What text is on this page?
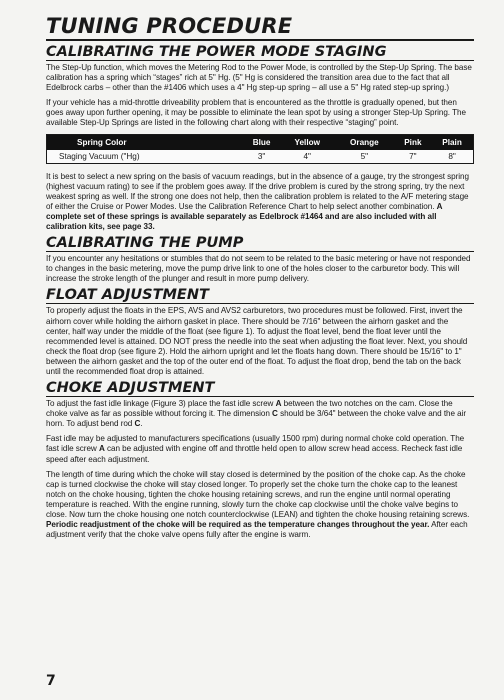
TUNING PROCEDURE
CALIBRATING THE POWER MODE STAGING

The Step-Up function, which moves the Metering Rod to the Power Mode, is controlled by the Step-Up Spring. The base calibration has a spring which “stages” rich at 5" Hg. (5" Hg is considered the transition area due to the fact that all Edelbrock carbs – other than the #1406 which uses a 4" Hg step-up spring – all use a 5" Hg rated step-up spring.)

If your vehicle has a mid-throttle driveability problem that is encountered as the throttle is gradually opened, but then goes away upon further opening, it may be possible to eliminate the lean spot by using a stronger Step-Up Spring. The available Step-Up Springs are listed in the following chart along with their respective “staging” point.

Spring Color	Blue	Yellow	Orange	Pink	Plain
Staging Vacuum ("Hg)	3"	4"	5"	7"	8"

It is best to select a new spring on the basis of vacuum readings, but in the absence of a gauge, try the strongest spring (highest vacuum rating) to see if the problem goes away. If the drive problem is cured by the strong spring, try the next weakest spring as well. If the strong one does not help, then the calibration problem is related to the A/F metering stage of either the Cruise or Power Modes. Use the Calibration Reference Chart to help select another combination. A complete set of these springs is available separately as Edelbrock #1464 and are also included with all calibration kits, see page 33.

CALIBRATING THE PUMP

If you encounter any hesitations or stumbles that do not seem to be related to the basic metering or have not responded to changes in the basic metering, move the pump drive link to one of the holes closer to the carburetor body. This will increase the stroke length of the plunger and result in more pump delivery.

FLOAT ADJUSTMENT

To properly adjust the floats in the EPS, AVS and AVS2 carburetors, two procedures must be followed. First, invert the airhorn cover while holding the airhorn gasket in place. There should be 7/16" between the airhorn gasket and the center, half way under the middle of the float (see figure 1). To adjust the float level, bend the float lever until the recommended level is attained. DO NOT press the needle into the seat when adjusting the float lever. Next, you should check the float drop (see figure 2). Hold the airhorn upright and let the floats hang down. There should be 15/16" to 1" between the airhorn gasket and the top of the outer end of the float. To adjust the float drop, bend the tab on the back until the recommended float drop is attained.

CHOKE ADJUSTMENT

To adjust the fast idle linkage (Figure 3) place the fast idle screw A between the two notches on the cam. Close the choke valve as far as possible without forcing it. The dimension C should be 3/64" between the choke valve and the air horn. To adjust bend rod C.

Fast idle may be adjusted to manufacturers specifications (usually 1500 rpm) during normal choke cold operation. The fast idle screw A can be adjusted with engine off and throttle held open to allow screw head access. Recheck fast idle speed after each adjustment.

The length of time during which the choke will stay closed is determined by the position of the choke cap. As the choke cap is turned clockwise the choke will stay closed longer. To properly set the choke turn the choke cap to the leanest notch on the choke housing, tighten the choke housing retaining screws, and run the engine until normal operating temperature is reached. With the engine running, slowly turn the choke cap clockwise until the choke valve begins to close. Now turn the choke housing one notch counterclockwise (LEAN) and tighten the choke housing retaining screws. Periodic readjustment of the choke will be required as the temperature changes throughout the year. After each adjustment verify that the choke valve opens fully after the engine is warm.

7
